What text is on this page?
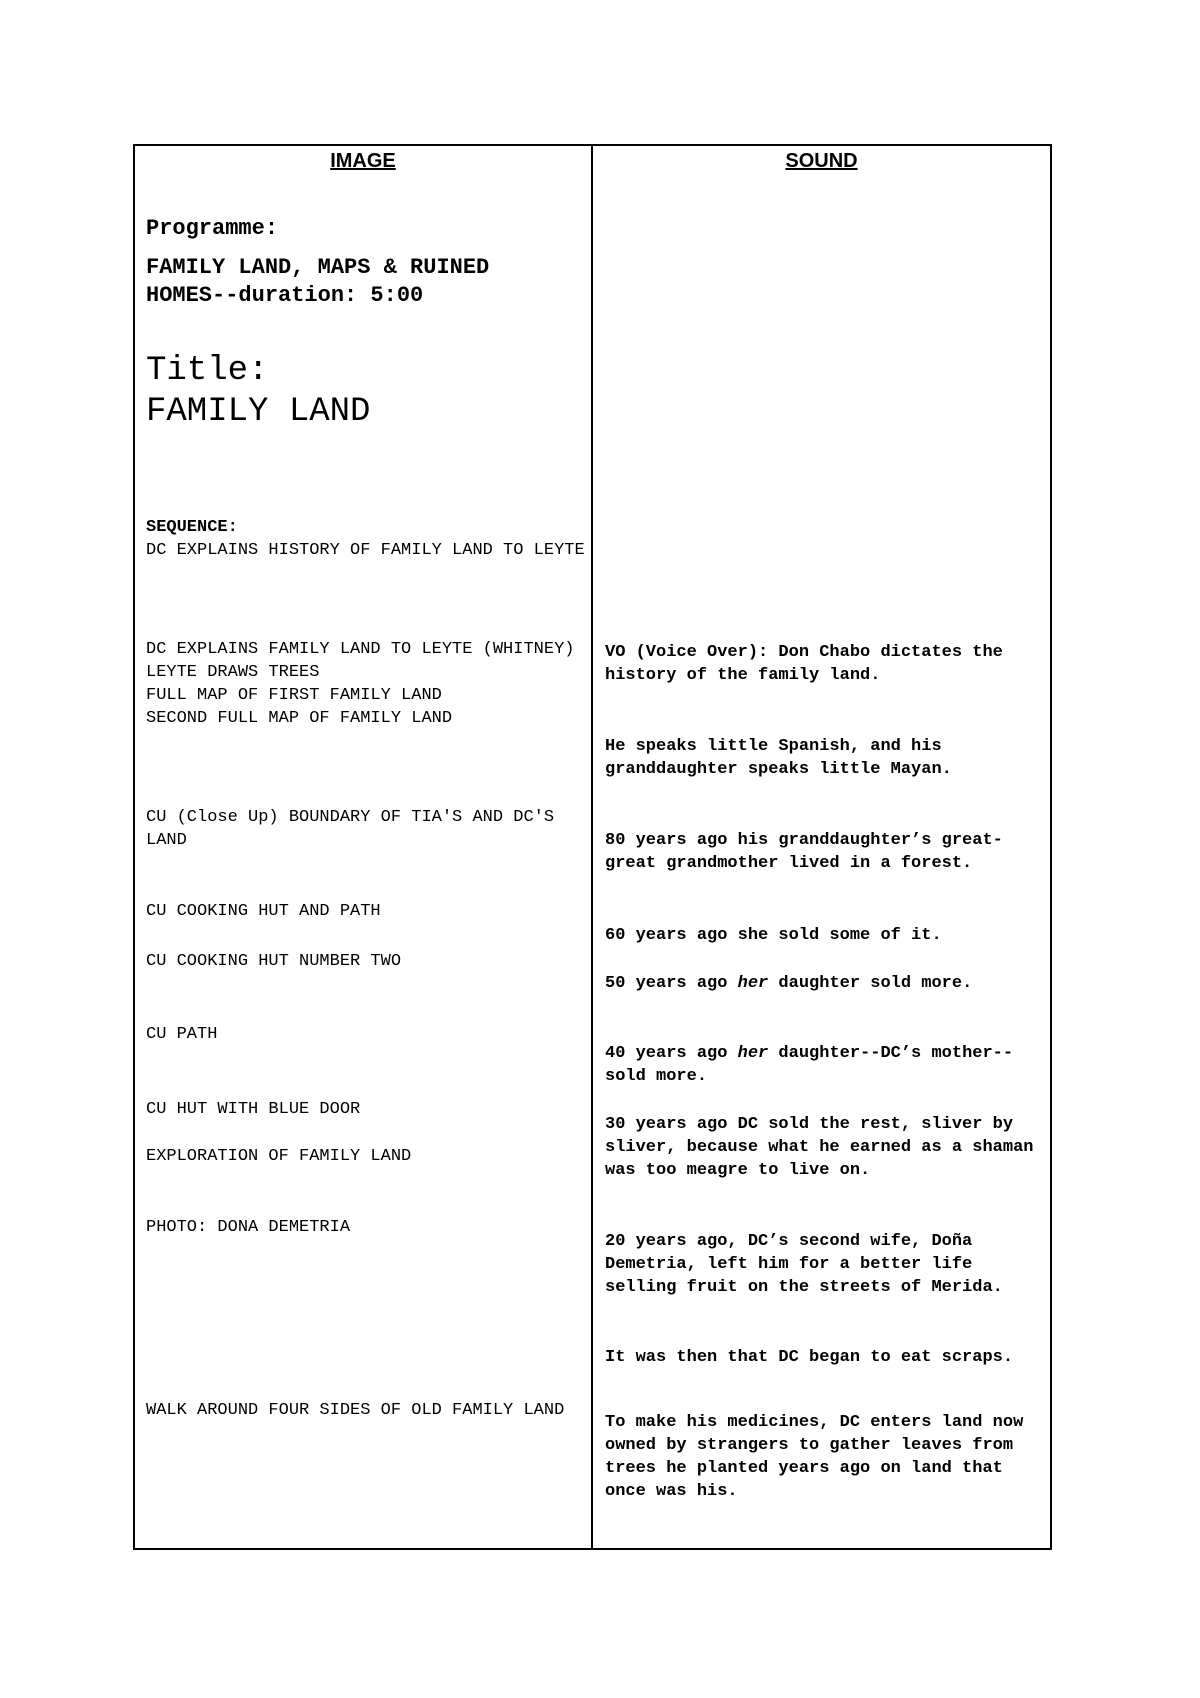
IMAGE	SOUND
Programme:
FAMILY LAND, MAPS & RUINED HOMES--duration: 5:00
Title:
FAMILY LAND
SEQUENCE:
DC EXPLAINS HISTORY OF FAMILY LAND TO LEYTE
DC EXPLAINS FAMILY LAND TO LEYTE (WHITNEY)
LEYTE DRAWS TREES
FULL MAP OF FIRST FAMILY LAND
SECOND FULL MAP OF FAMILY LAND
CU (Close Up) BOUNDARY OF TIA'S AND DC'S LAND
CU COOKING HUT AND PATH
CU COOKING HUT NUMBER TWO
CU PATH
CU HUT WITH BLUE DOOR
EXPLORATION OF FAMILY LAND
PHOTO: DONA DEMETRIA
WALK AROUND FOUR SIDES OF OLD FAMILY LAND
VO (Voice Over): Don Chabo dictates the history of the family land.
He speaks little Spanish, and his granddaughter speaks little Mayan.
80 years ago his granddaughter’s great-great grandmother lived in a forest.
60 years ago she sold some of it.
50 years ago her daughter sold more.
40 years ago her daughter--DC’s mother--sold more.
30 years ago DC sold the rest, sliver by sliver, because what he earned as a shaman was too meagre to live on.
20 years ago, DC’s second wife, Doña Demetria, left him for a better life selling fruit on the streets of Merida.
It was then that DC began to eat scraps.
To make his medicines, DC enters land now owned by strangers to gather leaves from trees he planted years ago on land that once was his.
